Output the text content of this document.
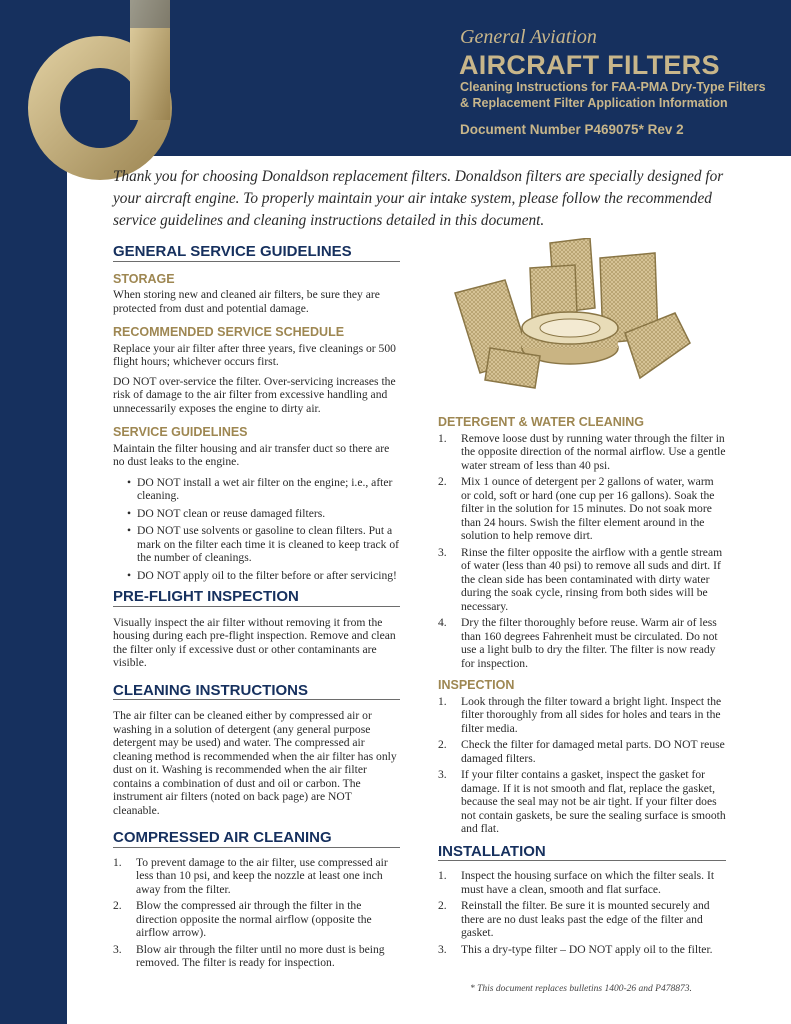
General Aviation
AIRCRAFT FILTERS
Cleaning Instructions for FAA-PMA Dry-Type Filters
& Replacement Filter Application Information
Document Number P469075* Rev 2
Thank you for choosing Donaldson replacement filters. Donaldson filters are specially designed for your aircraft engine. To properly maintain your air intake system, please follow the recommended service guidelines and cleaning instructions detailed in this document.
GENERAL SERVICE GUIDELINES
STORAGE

When storing new and cleaned air filters, be sure they are protected from dust and potential damage.

RECOMMENDED SERVICE SCHEDULE

Replace your air filter after three years, five cleanings or 500 flight hours; whichever occurs first.

DO NOT over-service the filter. Over-servicing increases the risk of damage to the air filter from excessive handling and unnecessarily exposes the engine to dirty air.

SERVICE GUIDELINES

Maintain the filter housing and air transfer duct so there are no dust leaks to the engine.

• DO NOT install a wet air filter on the engine; i.e., after cleaning.
• DO NOT clean or reuse damaged filters.
• DO NOT use solvents or gasoline to clean filters. Put a mark on the filter each time it is cleaned to keep track of the number of cleanings.
• DO NOT apply oil to the filter before or after servicing!
PRE-FLIGHT INSPECTION

Visually inspect the air filter without removing it from the housing during each pre-flight inspection. Remove and clean the filter only if excessive dust or other contaminants are visible.

CLEANING INSTRUCTIONS

The air filter can be cleaned either by compressed air or washing in a solution of detergent (any general purpose detergent may be used) and water. The compressed air cleaning method is recommended when the air filter has only dust on it. Washing is recommended when the air filter contains a combination of dust and oil or carbon. The instrument air filters (noted on back page) are NOT cleanable.

COMPRESSED AIR CLEANING
1. To prevent damage to the air filter, use compressed air less than 10 psi, and keep the nozzle at least one inch away from the filter.
2. Blow the compressed air through the filter in the direction opposite the normal airflow (opposite the airflow arrow).
3. Blow air through the filter until no more dust is being removed. The filter is ready for inspection.
DETERGENT & WATER CLEANING
1. Remove loose dust by running water through the filter in the opposite direction of the normal airflow. Use a gentle water stream of less than 40 psi.
2. Mix 1 ounce of detergent per 2 gallons of water, warm or cold, soft or hard (one cup per 16 gallons). Soak the filter in the solution for 15 minutes. Do not soak more than 24 hours. Swish the filter element around in the solution to help remove dirt.
3. Rinse the filter opposite the airflow with a gentle stream of water (less than 40 psi) to remove all suds and dirt. If the clean side has been contaminated with dirty water during the soak cycle, rinsing from both sides will be necessary.
4. Dry the filter thoroughly before reuse. Warm air of less than 160 degrees Fahrenheit must be circulated. Do not use a light bulb to dry the filter. The filter is now ready for inspection.
INSPECTION
1. Look through the filter toward a bright light. Inspect the filter thoroughly from all sides for holes and tears in the filter media.
2. Check the filter for damaged metal parts. DO NOT reuse damaged filters.
3. If your filter contains a gasket, inspect the gasket for damage. If it is not smooth and flat, replace the gasket, because the seal may not be air tight. If your filter does not contain gaskets, be sure the sealing surface is smooth and flat.
INSTALLATION
1. Inspect the housing surface on which the filter seals. It must have a clean, smooth and flat surface.
2. Reinstall the filter. Be sure it is mounted securely and there are no dust leaks past the edge of the filter and gasket.
3. This a dry-type filter – DO NOT apply oil to the filter.
* This document replaces bulletins 1400-26 and P478873.
